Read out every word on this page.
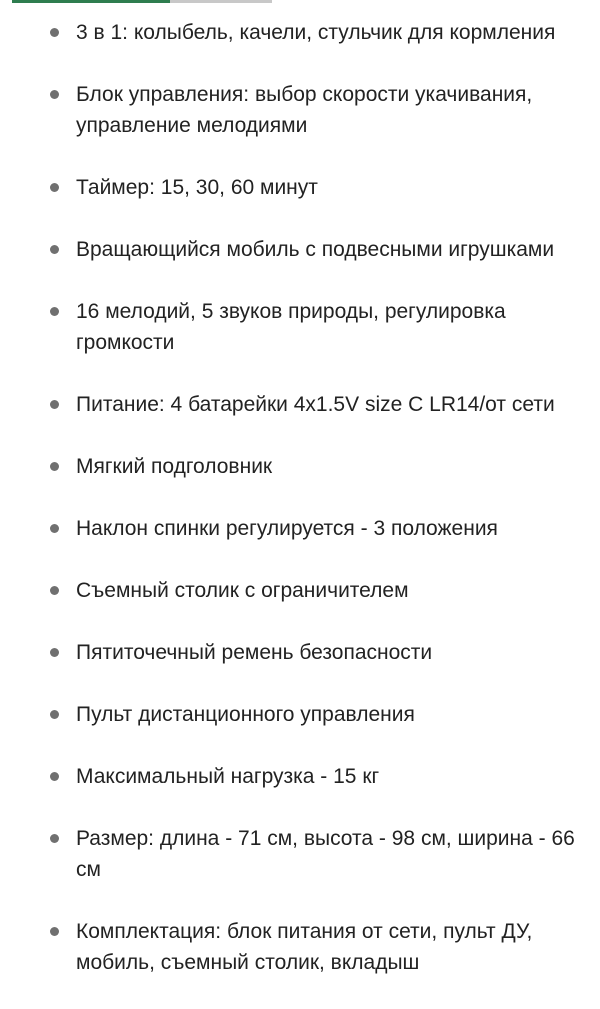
3 в 1: колыбель, качели, стульчик для кормления
Блок управления: выбор скорости укачивания, управление мелодиями
Таймер: 15, 30, 60 минут
Вращающийся мобиль с подвесными игрушками
16 мелодий, 5 звуков природы, регулировка громкости
Питание: 4 батарейки 4x1.5V size C LR14/от сети
Мягкий подголовник
Наклон спинки регулируется - 3 положения
Съемный столик с ограничителем
Пятиточечный ремень безопасности
Пульт дистанционного управления
Максимальный нагрузка - 15 кг
Размер: длина - 71 см, высота - 98 см, ширина - 66 см
Комплектация: блок питания от сети, пульт ДУ, мобиль, съемный столик, вкладыш
